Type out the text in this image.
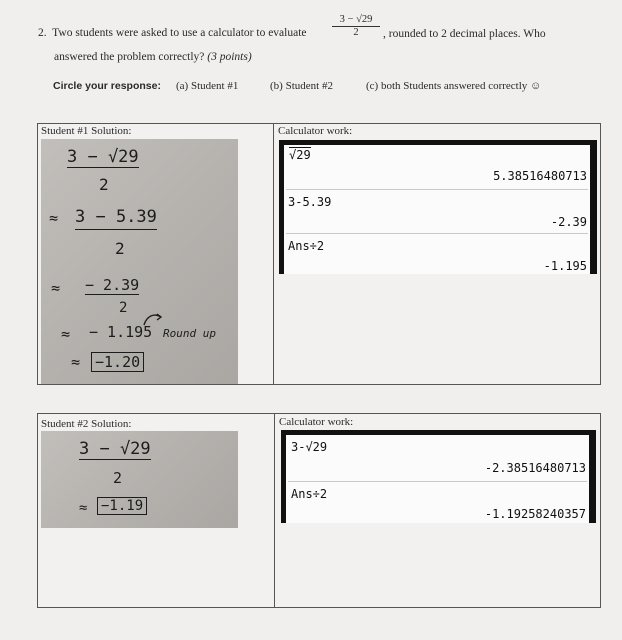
2. Two students were asked to use a calculator to evaluate $\frac{3 - √29}{2}$ , rounded to 2 decimal places. Who
answered the problem correctly? (3 points)
Circle your response: (a) Student #1	(b) Student #2	(c) both Students answered correctly ☺
Student #1 Solution:	Calculator work:
3 − √29
2
≈ 3 − 5.39
2
≈ − 2.39
2
≈ − 1.195 Round up
≈ −1.20
√29
5.38516480713
3-5.39
-2.39
Ans÷2
-1.195
Student #2 Solution:	Calculator work:
3 − √29
2
≈ −1.19
3-√29
-2.38516480713
Ans÷2
-1.19258240357
